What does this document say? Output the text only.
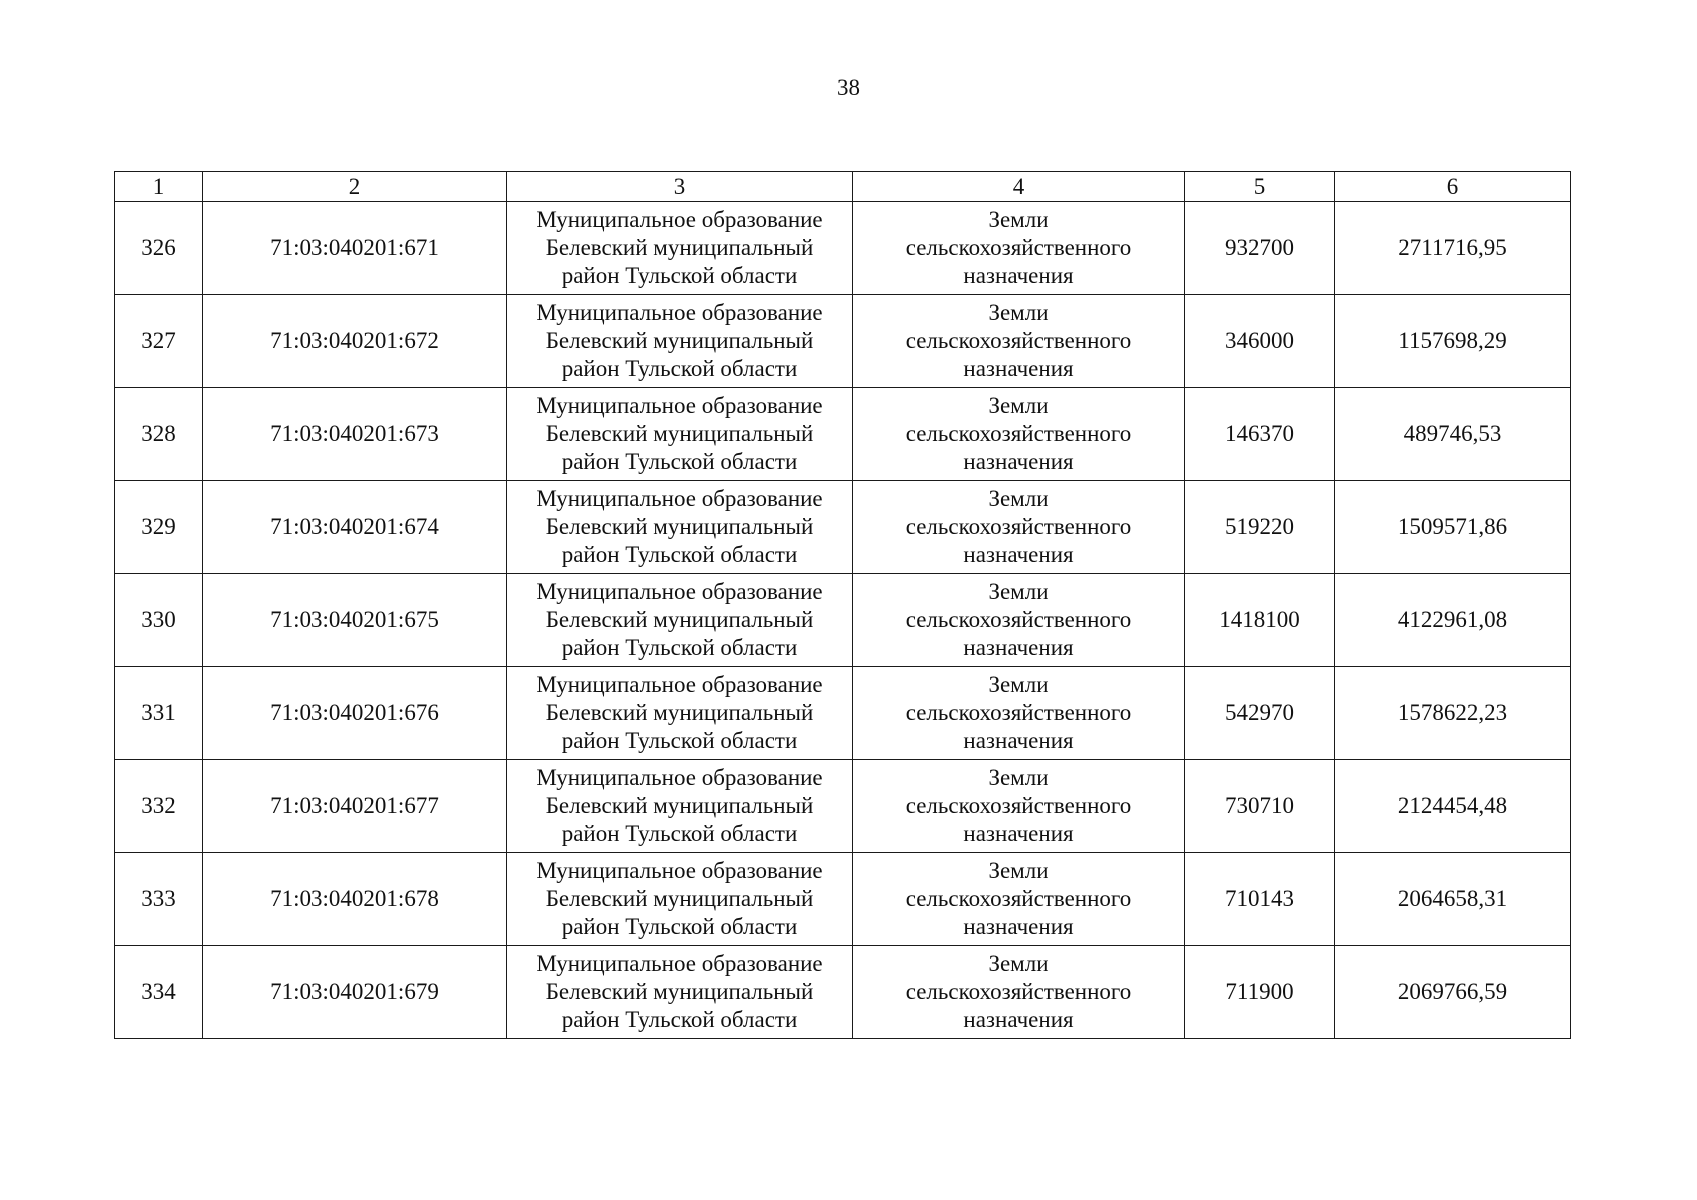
38
1	2	3	4	5	6
326	71:03:040201:671	Муниципальное образование
Белевский муниципальный
район Тульской области	Земли
сельскохозяйственного
назначения	932700	2711716,95
327	71:03:040201:672	Муниципальное образование
Белевский муниципальный
район Тульской области	Земли
сельскохозяйственного
назначения	346000	1157698,29
328	71:03:040201:673	Муниципальное образование
Белевский муниципальный
район Тульской области	Земли
сельскохозяйственного
назначения	146370	489746,53
329	71:03:040201:674	Муниципальное образование
Белевский муниципальный
район Тульской области	Земли
сельскохозяйственного
назначения	519220	1509571,86
330	71:03:040201:675	Муниципальное образование
Белевский муниципальный
район Тульской области	Земли
сельскохозяйственного
назначения	1418100	4122961,08
331	71:03:040201:676	Муниципальное образование
Белевский муниципальный
район Тульской области	Земли
сельскохозяйственного
назначения	542970	1578622,23
332	71:03:040201:677	Муниципальное образование
Белевский муниципальный
район Тульской области	Земли
сельскохозяйственного
назначения	730710	2124454,48
333	71:03:040201:678	Муниципальное образование
Белевский муниципальный
район Тульской области	Земли
сельскохозяйственного
назначения	710143	2064658,31
334	71:03:040201:679	Муниципальное образование
Белевский муниципальный
район Тульской области	Земли
сельскохозяйственного
назначения	711900	2069766,59
